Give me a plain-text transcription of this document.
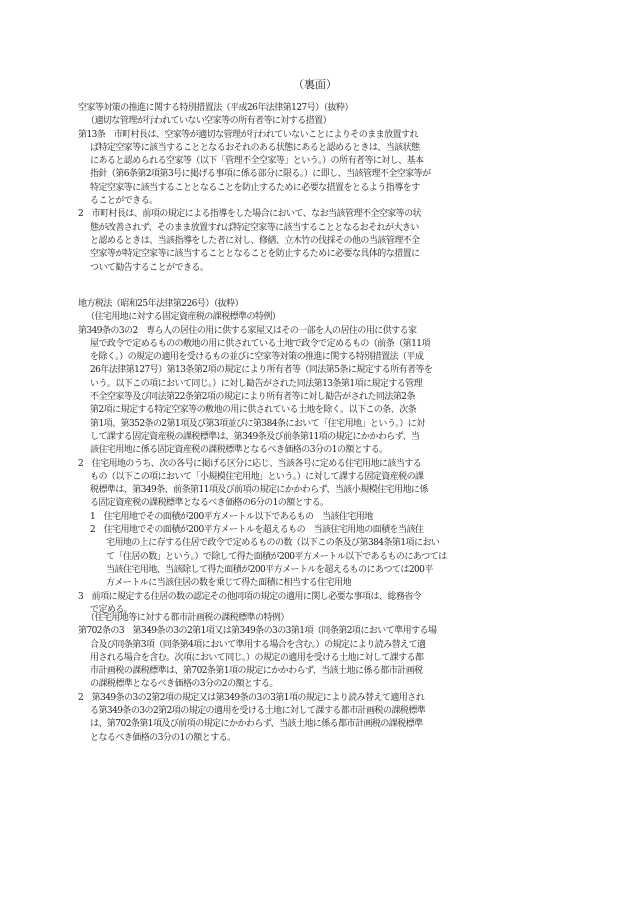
（裏面）
空家等対策の推進に関する特別措置法（平成26年法律第127号）（抜粋）
（適切な管理が行われていない空家等の所有者等に対する措置）
第13条　市町村長は、空家等が適切な管理が行われていないことによりそのまま放置すれ
ば特定空家等に該当することとなるおそれのある状態にあると認めるときは、当該状態
にあると認められる空家等（以下「管理不全空家等」という。）の所有者等に対し、基本
指針（第6条第2項第3号に掲げる事項に係る部分に限る。）に即し、当該管理不全空家等が
特定空家等に該当することとなることを防止するために必要な措置をとるよう指導をす
ることができる。
2　市町村長は、前項の規定による指導をした場合において、なお当該管理不全空家等の状
態が改善されず、そのまま放置すれば特定空家等に該当することとなるおそれが大きい
と認めるときは、当該指導をした者に対し、修繕、立木竹の伐採その他の当該管理不全
空家等が特定空家等に該当することとなることを防止するために必要な具体的な措置に
ついて勧告することができる。
地方税法（昭和25年法律第226号）（抜粋）
（住宅用地に対する固定資産税の課税標準の特例）
第349条の3の2　専ら人の居住の用に供する家屋又はその一部を人の居住の用に供する家
屋で政令で定めるものの敷地の用に供されている土地で政令で定めるもの（前条（第11項
を除く。）の規定の適用を受けるもの並びに空家等対策の推進に関する特別措置法（平成
26年法律第127号）第13条第2項の規定により所有者等（同法第5条に規定する所有者等を
いう。以下この項において同じ。）に対し勧告がされた同法第13条第1項に規定する管理
不全空家等及び同法第22条第2項の規定により所有者等に対し勧告がされた同法第2条
第2項に規定する特定空家等の敷地の用に供されている土地を除く。以下この条、次条
第1項、第352条の2第1項及び第3項並びに第384条において「住宅用地」という。）に対
して課する固定資産税の課税標準は、第349条及び前条第11項の規定にかかわらず、当
該住宅用地に係る固定資産税の課税標準となるべき価格の3分の1の額とする。
2　住宅用地のうち、次の各号に掲げる区分に応じ、当該各号に定める住宅用地に該当する
もの（以下この項において「小規模住宅用地」という。）に対して課する固定資産税の課
税標準は、第349条、前条第11項及び前項の規定にかかわらず、当該小規模住宅用地に係
る固定資産税の課税標準となるべき価格の6分の1の額とする。
1　住宅用地でその面積が200平方メートル以下であるもの　当該住宅用地
2　住宅用地でその面積が200平方メートルを超えるもの　当該住宅用地の面積を当該住
宅用地の上に存する住居で政令で定めるものの数（以下この条及び第384条第1項におい
て「住居の数」という。）で除して得た面積が200平方メートル以下であるものにあつては
当該住宅用地、当該除して得た面積が200平方メートルを超えるものにあつては200平
方メートルに当該住居の数を乗じて得た面積に相当する住宅用地
3　前項に規定する住居の数の認定その他同項の規定の適用に関し必要な事項は、総務省令
で定める。
（住宅用地等に対する都市計画税の課税標準の特例）
第702条の3　第349条の3の2第1項又は第349条の3の3第1項（同条第2項において準用する場
合及び同条第3項（同条第4項において準用する場合を含む。）の規定により読み替えて適
用される場合を含む。次項において同じ。）の規定の適用を受ける土地に対して課する都
市計画税の課税標準は、第702条第1項の規定にかかわらず、当該土地に係る都市計画税
の課税標準となるべき価格の3分の2の額とする。
2　第349条の3の2第2項の規定又は第349条の3の3第1項の規定により読み替えて適用され
る第349条の3の2第2項の規定の適用を受ける土地に対して課する都市計画税の課税標準
は、第702条第1項及び前項の規定にかかわらず、当該土地に係る都市計画税の課税標準
となるべき価格の3分の1の額とする。
